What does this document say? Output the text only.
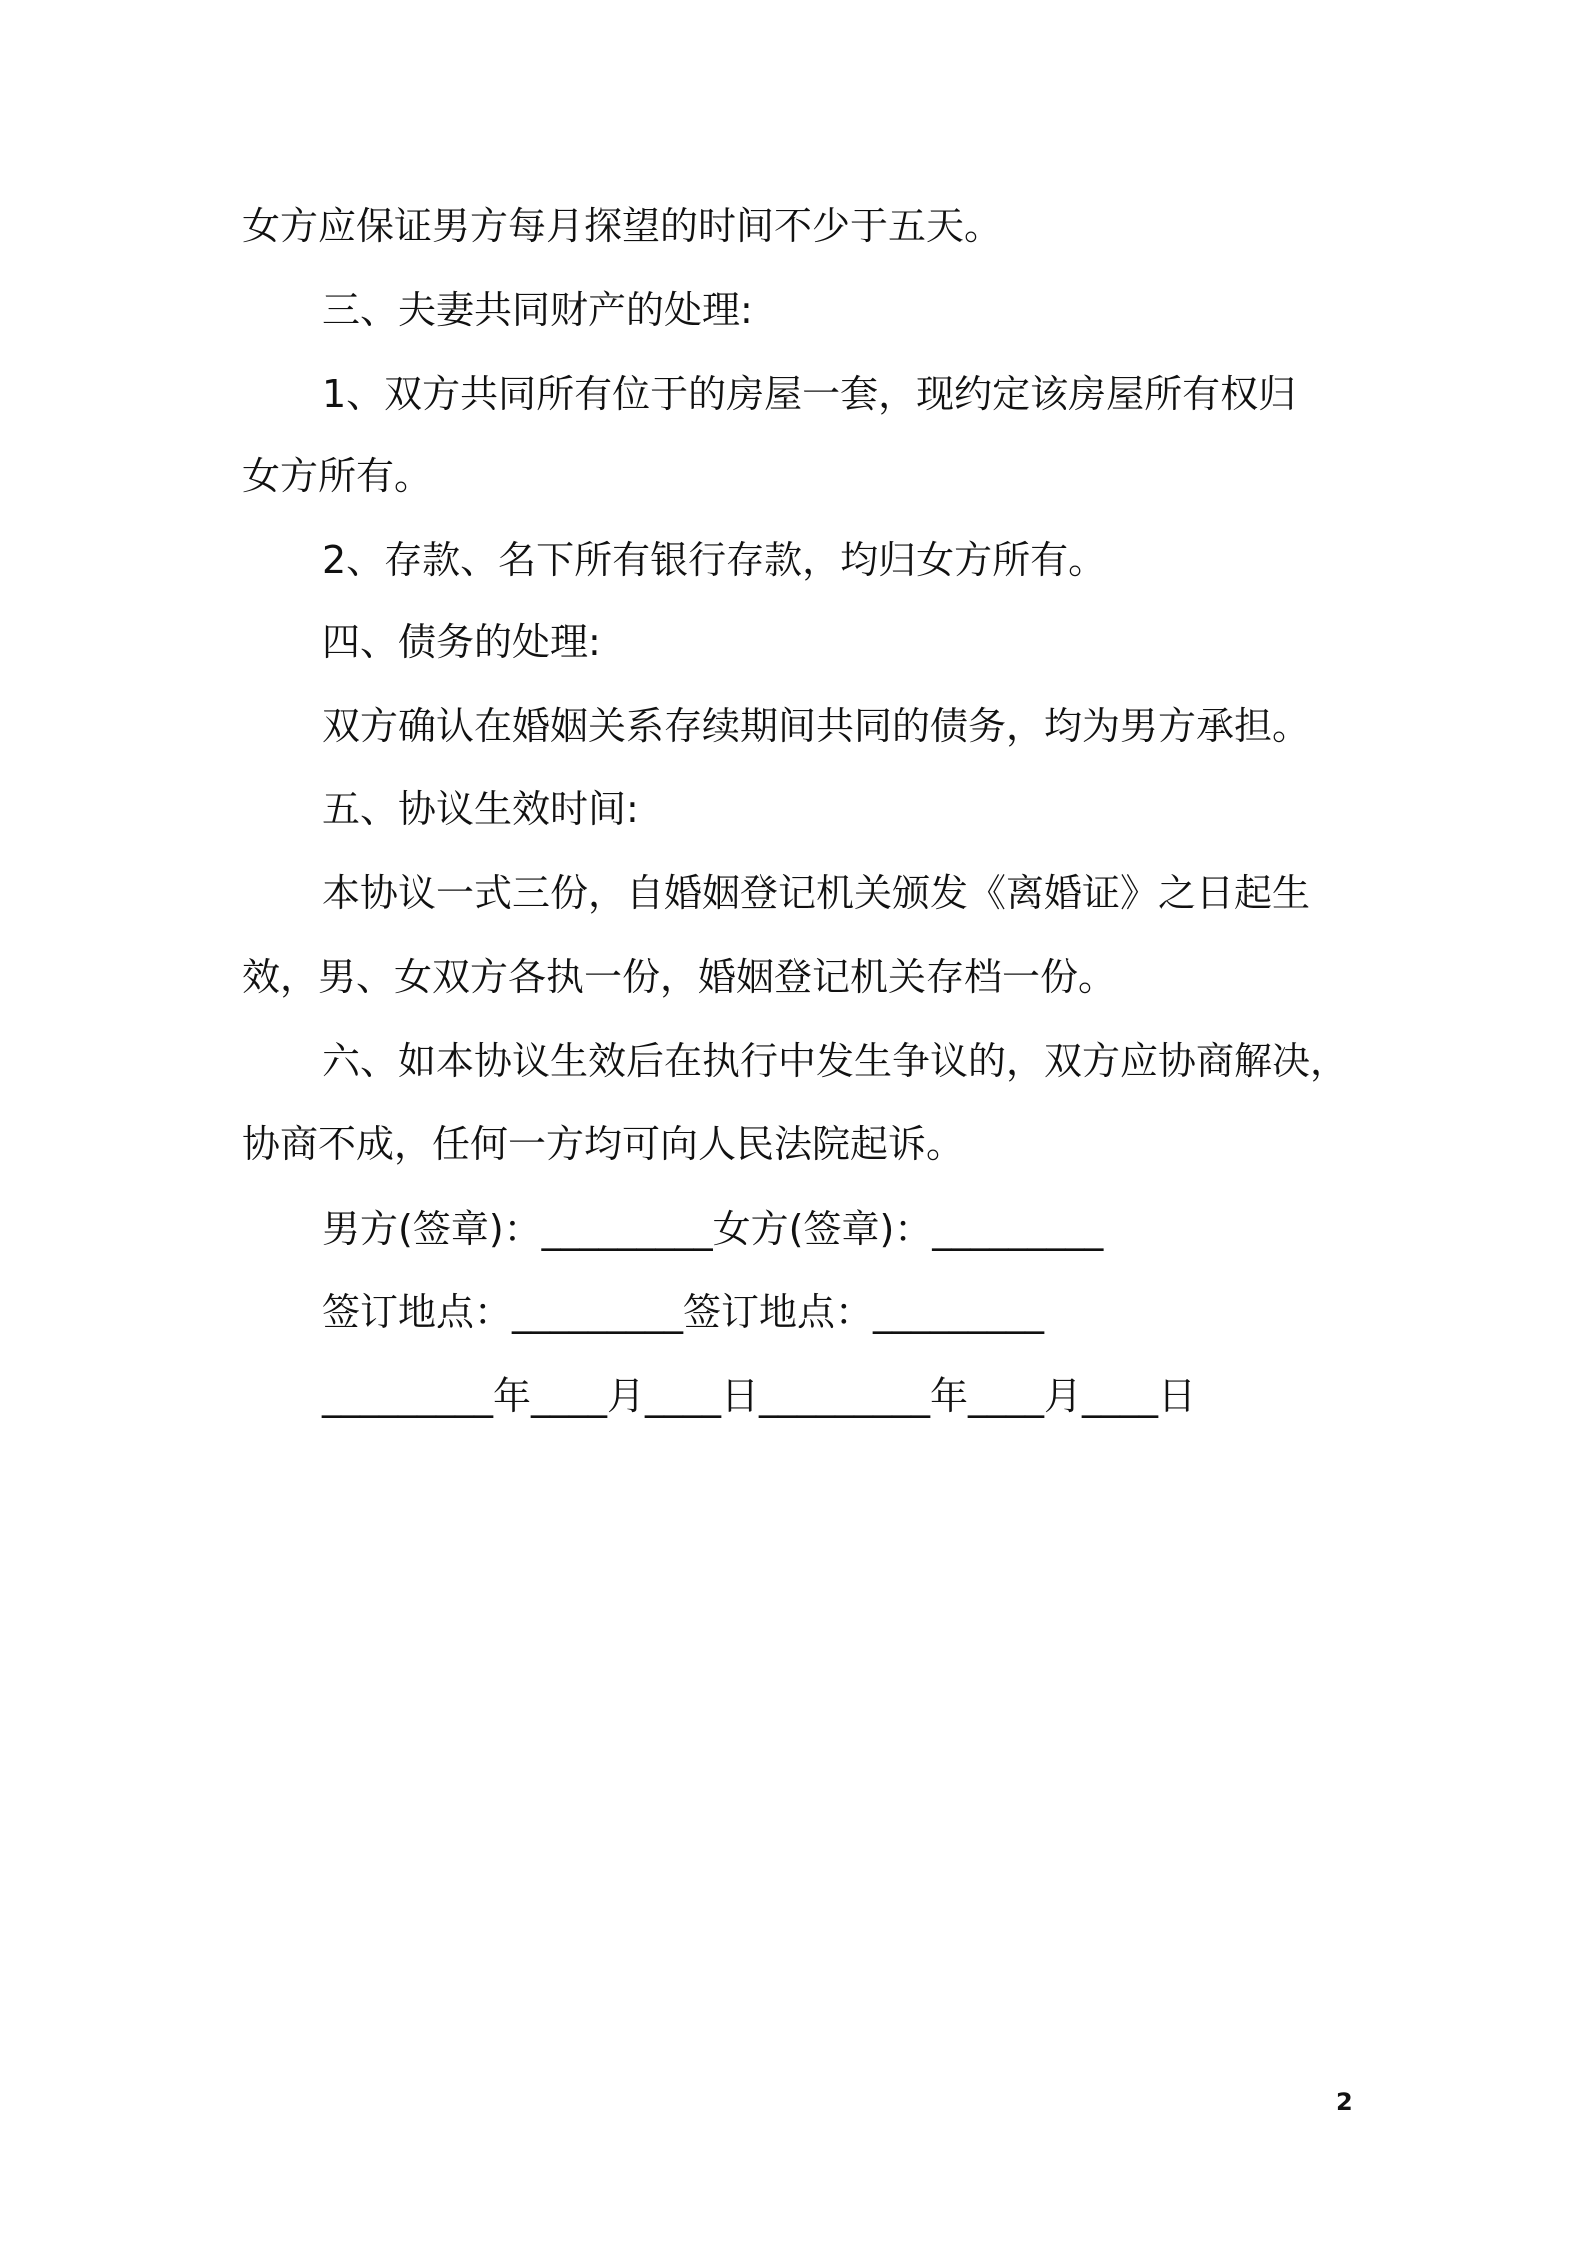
女方应保证男方每月探望的时间不少于五天。
三、夫妻共同财产的处理:
1、双方共同所有位于的房屋一套，现约定该房屋所有权归
女方所有。
2、存款、名下所有银行存款，均归女方所有。
四、债务的处理:
双方确认在婚姻关系存续期间共同的债务，均为男方承担。
五、协议生效时间:
本协议一式三份，自婚姻登记机关颁发《离婚证》之日起生
效，男、女双方各执一份，婚姻登记机关存档一份。
六、如本协议生效后在执行中发生争议的，双方应协商解决，
协商不成，任何一方均可向人民法院起诉。
男方(签章)：_________女方(签章)：_________
签订地点：_________签订地点：_________
_________年____月____日_________年____月____日
2
